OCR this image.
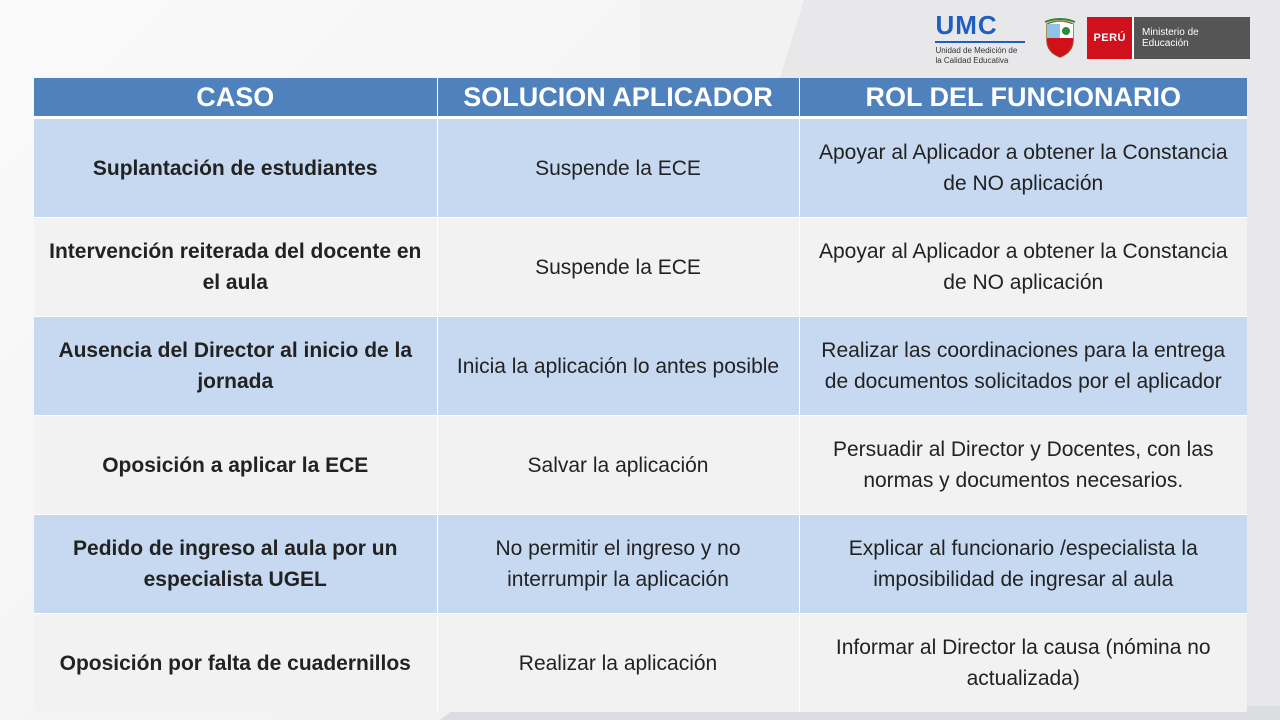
UMC
Unidad de Medición de la Calidad Educativa
PERÚ	Ministerio de Educación
CASO	SOLUCION APLICADOR	ROL DEL FUNCIONARIO
Suplantación de estudiantes	Suspende la ECE	Apoyar al Aplicador a obtener la Constancia de NO aplicación
Intervención reiterada del docente en el aula	Suspende la ECE	Apoyar al Aplicador a obtener la Constancia de NO aplicación
Ausencia del Director al inicio de la jornada	Inicia la aplicación lo antes posible	Realizar las coordinaciones para la entrega de documentos solicitados por el aplicador
Oposición a aplicar la ECE	Salvar la aplicación	Persuadir al Director y Docentes, con las normas y documentos necesarios.
Pedido de ingreso al aula por un especialista UGEL	No permitir el ingreso y no interrumpir la aplicación	Explicar al funcionario /especialista la imposibilidad de ingresar al aula
Oposición por falta de cuadernillos	Realizar la aplicación	Informar al Director la causa (nómina no actualizada)
